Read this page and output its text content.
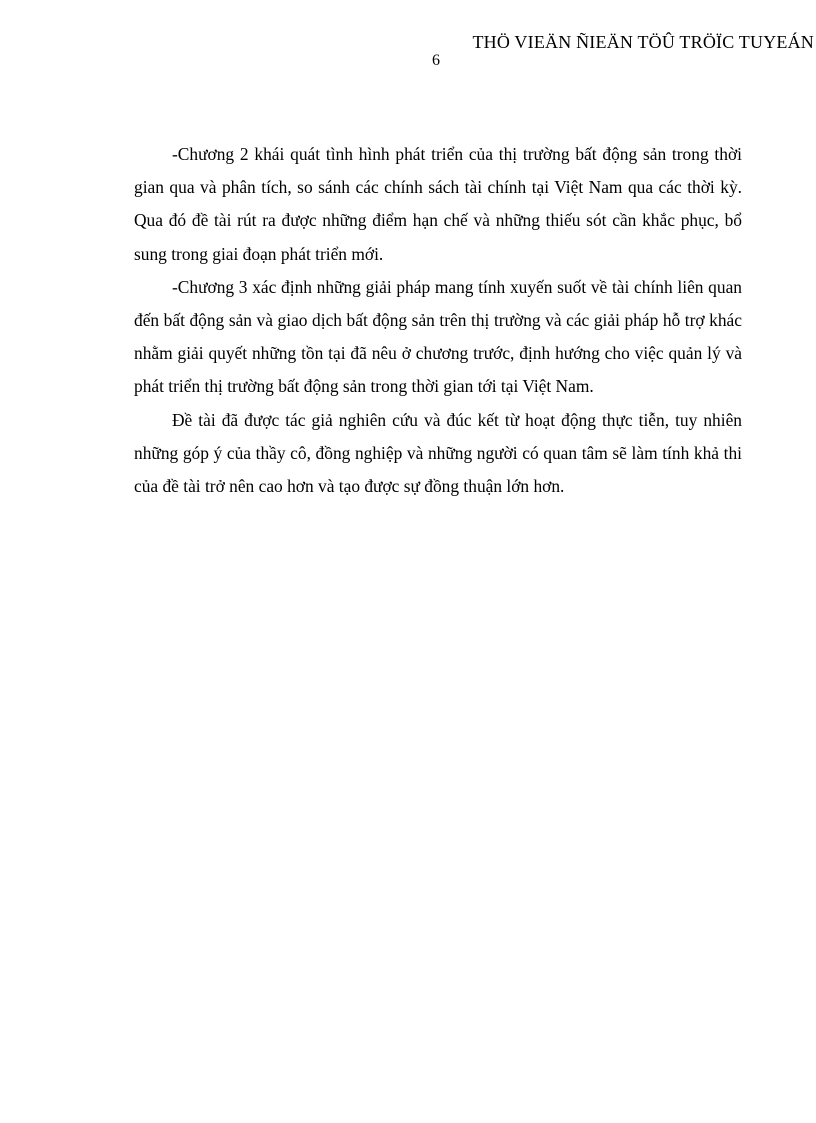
THÖ VIEÄN ÑIEÄN TÖÛ TRÖÏC TUYEÁN
6

-Chương 2 khái quát tình hình phát triển của thị trường bất động sản trong thời gian qua và phân tích, so sánh các chính sách tài chính tại Việt Nam qua các thời kỳ. Qua đó đề tài rút ra được những điểm hạn chế và những thiếu sót cần khắc phục, bổ sung trong giai đoạn phát triển mới.

-Chương 3 xác định những giải pháp mang tính xuyến suốt về tài chính liên quan đến bất động sản và giao dịch bất động sản trên thị trường và các giải pháp hỗ trợ khác nhằm giải quyết những tồn tại đã nêu ở chương trước, định hướng cho việc quản lý và phát triển thị trường bất động sản trong thời gian tới tại Việt Nam.

Đề tài đã được tác giả nghiên cứu và đúc kết từ hoạt động thực tiễn, tuy nhiên những góp ý của thầy cô, đồng nghiệp và những người có quan tâm sẽ làm tính khả thi của đề tài trở nên cao hơn và tạo được sự đồng thuận lớn hơn.
